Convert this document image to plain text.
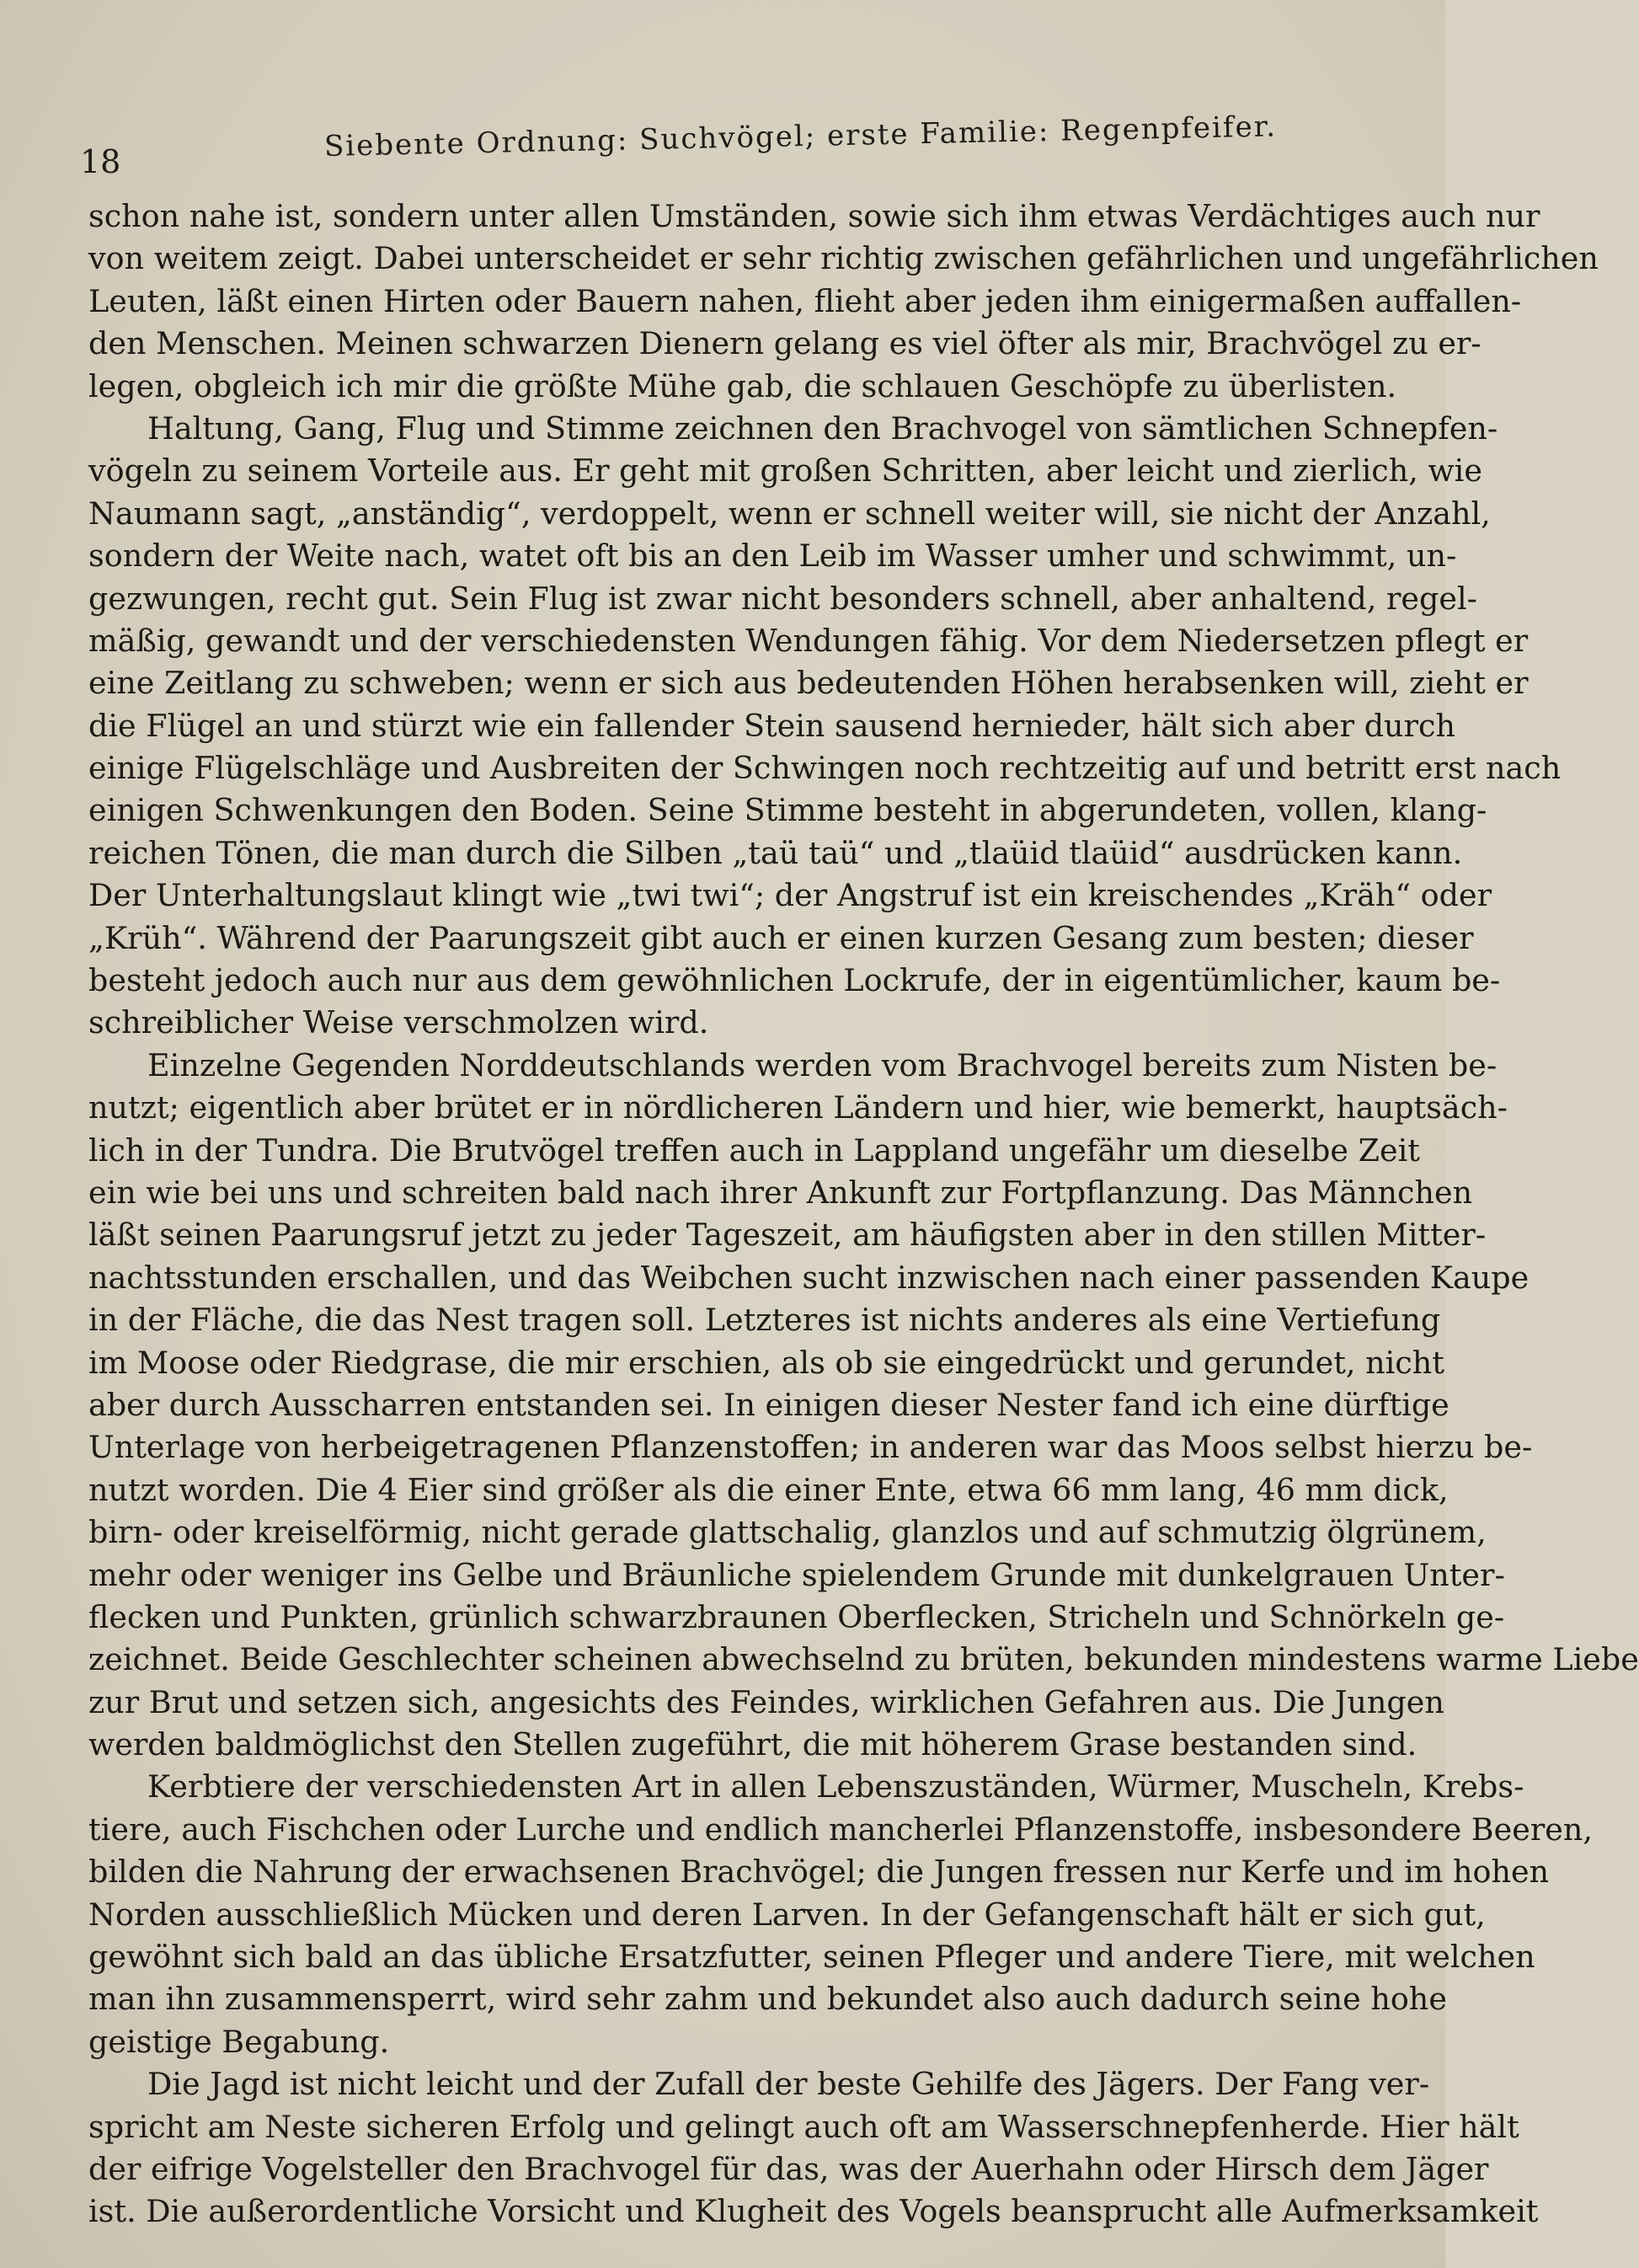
18	Siebente Ordnung: Suchvögel; erste Familie: Regenpfeifer.
schon nahe ist, sondern unter allen Umständen, sowie sich ihm etwas Verdächtiges auch nur
von weitem zeigt. Dabei unterscheidet er sehr richtig zwischen gefährlichen und ungefährlichen
Leuten, läßt einen Hirten oder Bauern nahen, flieht aber jeden ihm einigermaßen auffallen-
den Menschen. Meinen schwarzen Dienern gelang es viel öfter als mir, Brachvögel zu er-
legen, obgleich ich mir die größte Mühe gab, die schlauen Geschöpfe zu überlisten.
Haltung, Gang, Flug und Stimme zeichnen den Brachvogel von sämtlichen Schnepfen-
vögeln zu seinem Vorteile aus. Er geht mit großen Schritten, aber leicht und zierlich, wie
Naumann sagt, „anständig“, verdoppelt, wenn er schnell weiter will, sie nicht der Anzahl,
sondern der Weite nach, watet oft bis an den Leib im Wasser umher und schwimmt, un-
gezwungen, recht gut. Sein Flug ist zwar nicht besonders schnell, aber anhaltend, regel-
mäßig, gewandt und der verschiedensten Wendungen fähig. Vor dem Niedersetzen pflegt er
eine Zeitlang zu schweben; wenn er sich aus bedeutenden Höhen herabsenken will, zieht er
die Flügel an und stürzt wie ein fallender Stein sausend hernieder, hält sich aber durch
einige Flügelschläge und Ausbreiten der Schwingen noch rechtzeitig auf und betritt erst nach
einigen Schwenkungen den Boden. Seine Stimme besteht in abgerundeten, vollen, klang-
reichen Tönen, die man durch die Silben „taü taü“ und „tlaüid tlaüid“ ausdrücken kann.
Der Unterhaltungslaut klingt wie „twi twi“; der Angstruf ist ein kreischendes „Kräh“ oder
„Krüh“. Während der Paarungszeit gibt auch er einen kurzen Gesang zum besten; dieser
besteht jedoch auch nur aus dem gewöhnlichen Lockrufe, der in eigentümlicher, kaum be-
schreiblicher Weise verschmolzen wird.
Einzelne Gegenden Norddeutschlands werden vom Brachvogel bereits zum Nisten be-
nutzt; eigentlich aber brütet er in nördlicheren Ländern und hier, wie bemerkt, hauptsäch-
lich in der Tundra. Die Brutvögel treffen auch in Lappland ungefähr um dieselbe Zeit
ein wie bei uns und schreiten bald nach ihrer Ankunft zur Fortpflanzung. Das Männchen
läßt seinen Paarungsruf jetzt zu jeder Tageszeit, am häufigsten aber in den stillen Mitter-
nachtsstunden erschallen, und das Weibchen sucht inzwischen nach einer passenden Kaupe
in der Fläche, die das Nest tragen soll. Letzteres ist nichts anderes als eine Vertiefung
im Moose oder Riedgrase, die mir erschien, als ob sie eingedrückt und gerundet, nicht
aber durch Ausscharren entstanden sei. In einigen dieser Nester fand ich eine dürftige
Unterlage von herbeigetragenen Pflanzenstoffen; in anderen war das Moos selbst hierzu be-
nutzt worden. Die 4 Eier sind größer als die einer Ente, etwa 66 mm lang, 46 mm dick,
birn- oder kreiselförmig, nicht gerade glattschalig, glanzlos und auf schmutzig ölgrünem,
mehr oder weniger ins Gelbe und Bräunliche spielendem Grunde mit dunkelgrauen Unter-
flecken und Punkten, grünlich schwarzbraunen Oberflecken, Stricheln und Schnörkeln ge-
zeichnet. Beide Geschlechter scheinen abwechselnd zu brüten, bekunden mindestens warme Liebe
zur Brut und setzen sich, angesichts des Feindes, wirklichen Gefahren aus. Die Jungen
werden baldmöglichst den Stellen zugeführt, die mit höherem Grase bestanden sind.
Kerbtiere der verschiedensten Art in allen Lebenszuständen, Würmer, Muscheln, Krebs-
tiere, auch Fischchen oder Lurche und endlich mancherlei Pflanzenstoffe, insbesondere Beeren,
bilden die Nahrung der erwachsenen Brachvögel; die Jungen fressen nur Kerfe und im hohen
Norden ausschließlich Mücken und deren Larven. In der Gefangenschaft hält er sich gut,
gewöhnt sich bald an das übliche Ersatzfutter, seinen Pfleger und andere Tiere, mit welchen
man ihn zusammensperrt, wird sehr zahm und bekundet also auch dadurch seine hohe
geistige Begabung.
Die Jagd ist nicht leicht und der Zufall der beste Gehilfe des Jägers. Der Fang ver-
spricht am Neste sicheren Erfolg und gelingt auch oft am Wasserschnepfenherde. Hier hält
der eifrige Vogelsteller den Brachvogel für das, was der Auerhahn oder Hirsch dem Jäger
ist. Die außerordentliche Vorsicht und Klugheit des Vogels beansprucht alle Aufmerksamkeit
